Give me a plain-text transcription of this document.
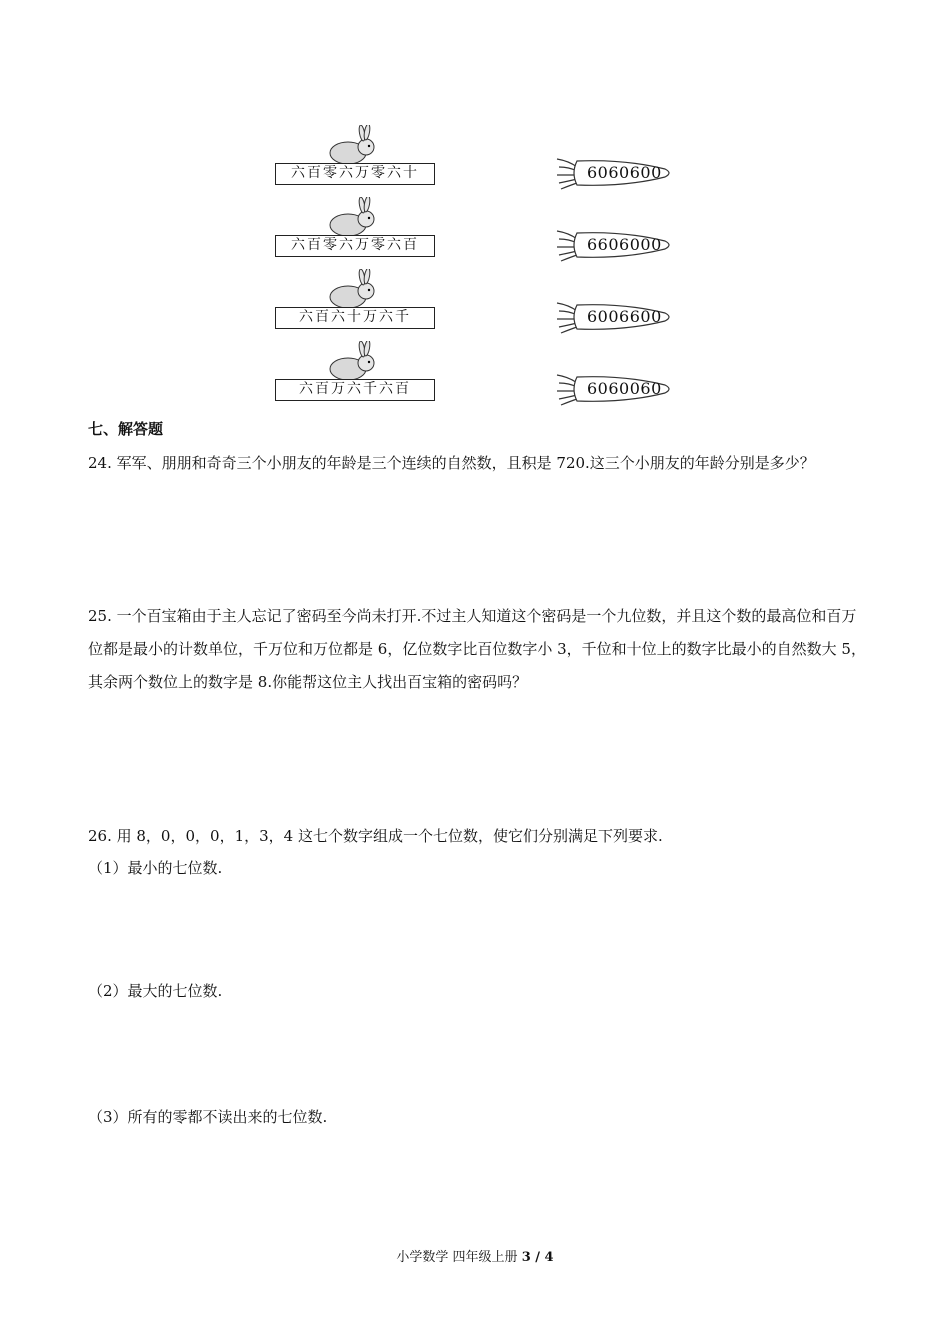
六百零六万零六十
六百零六万零六百
六百六十万六千
六百万六千六百
6060600
6606000
6006600
6060060
七、解答题
24. 军军、朋朋和奇奇三个小朋友的年龄是三个连续的自然数，且积是 720.这三个小朋友的年龄分别是多少？
25. 一个百宝箱由于主人忘记了密码至今尚未打开.不过主人知道这个密码是一个九位数，并且这个数的最高位和百万位都是最小的计数单位，千万位和万位都是 6，亿位数字比百位数字小 3，千位和十位上的数字比最小的自然数大 5，其余两个数位上的数字是 8.你能帮这位主人找出百宝箱的密码吗？
26. 用 8，0，0，0，1，3，4 这七个数字组成一个七位数，使它们分别满足下列要求.
（1）最小的七位数.
（2）最大的七位数.
（3）所有的零都不读出来的七位数.
小学数学 四年级上册 3 / 4
